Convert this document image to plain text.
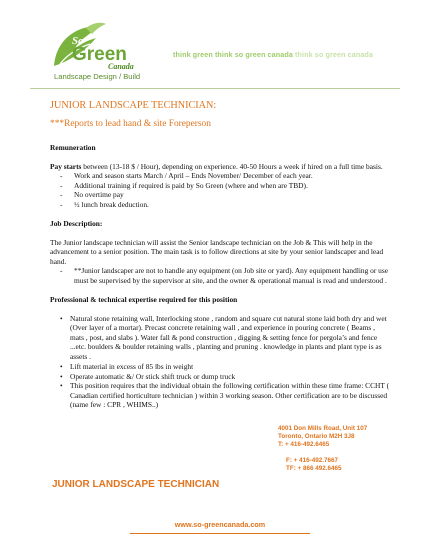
So
Green
Canada
think green think so green canada think so green canada
Landscape Design / Build
JUNIOR LANDSCAPE TECHNICIAN:
***Reports to lead hand & site Foreperson
Remuneration

Pay starts between (13-18 $ / Hour), depending on experience. 40-50 Hours a week if hired on a full time basis.

- Work and season starts March / April – Ends November/ December of each year.
- Additional training if required is paid by So Green (where and when are TBD).
- No overtime pay
- ½ lunch break deduction.
Job Description:

The Junior landscape technician will assist the Senior landscape technician on the Job & This will help in the advancement to a senior position. The main task is to follow directions at site by your senior landscaper and lead hand.

- **Junior landscaper are not to handle any equipment (on Job site or yard). Any equipment handling or use must be supervised by the supervisor at site, and the owner & operational manual is read and understood .
Professional & technical expertise required for this position
• Natural stone retaining wall, Interlocking stone , random and square cut natural stone laid both dry and wet (Over layer of a mortar). Precast concrete retaining wall , and experience in pouring concrete ( Beams , mats , post, and slabs ). Water fall & pond construction , digging & setting fence for pergola’s and fence ...etc. boulders & boulder retaining walls , planting and pruning . knowledge in plants and plant type is as assets .
• Lift material in excess of 85 lbs in weight
• Operate automatic &/ Or stick shift truck or dump truck
• This position requires that the individual obtain the following certification within these time frame: CCHT ( Canadian certified horticulture technician ) within 3 working season. Other certification are to be discussed (name few : CPR , WHIMS..)
4001 Don Mills Road, Unit 107
Toronto, Ontario M2H 3J8
T: + 416-492.6465
F: + 416-492.7667
TF: + 866 492.6465
JUNIOR LANDSCAPE TECHNICIAN
www.so-greencanada.com
